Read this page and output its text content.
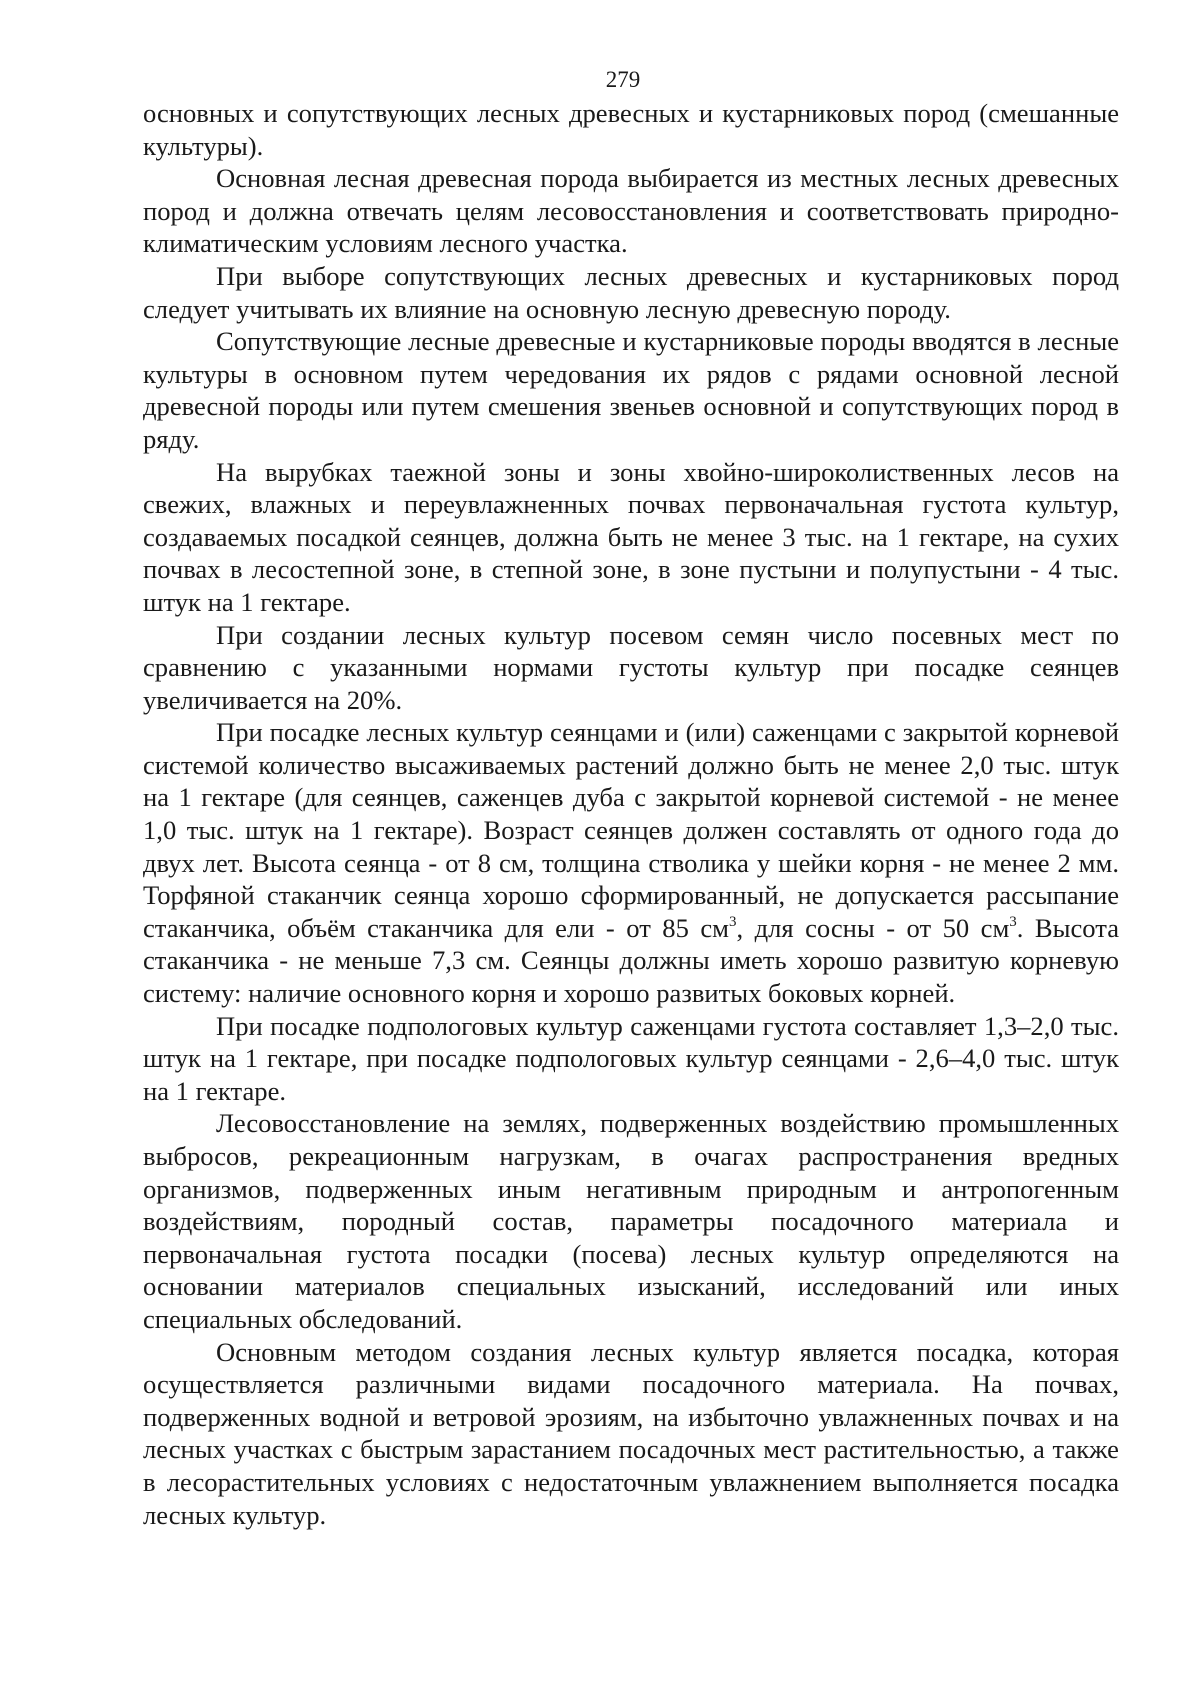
279

основных и сопутствующих лесных древесных и кустарниковых пород (смешанные культуры).

Основная лесная древесная порода выбирается из местных лесных древесных пород и должна отвечать целям лесовосстановления и соответствовать природно-климатическим условиям лесного участка.

При выборе сопутствующих лесных древесных и кустарниковых пород следует учитывать их влияние на основную лесную древесную породу.

Сопутствующие лесные древесные и кустарниковые породы вводятся в лесные культуры в основном путем чередования их рядов с рядами основной лесной древесной породы или путем смешения звеньев основной и сопутствующих пород в ряду.

На вырубках таежной зоны и зоны хвойно-широколиственных лесов на свежих, влажных и переувлажненных почвах первоначальная густота культур, создаваемых посадкой сеянцев, должна быть не менее 3 тыс. на 1 гектаре, на сухих почвах в лесостепной зоне, в степной зоне, в зоне пустыни и полупустыни - 4 тыс. штук на 1 гектаре.

При создании лесных культур посевом семян число посевных мест по сравнению с указанными нормами густоты культур при посадке сеянцев увеличивается на 20%.

При посадке лесных культур сеянцами и (или) саженцами с закрытой корневой системой количество высаживаемых растений должно быть не менее 2,0 тыс. штук на 1 гектаре (для сеянцев, саженцев дуба с закрытой корневой системой - не менее 1,0 тыс. штук на 1 гектаре). Возраст сеянцев должен составлять от одного года до двух лет. Высота сеянца - от 8 см, толщина стволика у шейки корня - не менее 2 мм. Торфяной стаканчик сеянца хорошо сформированный, не допускается рассыпание стаканчика, объём стаканчика для ели - от 85 $см^3$, для сосны - от 50 $см^3$. Высота стаканчика - не меньше 7,3 см. Сеянцы должны иметь хорошо развитую корневую систему: наличие основного корня и хорошо развитых боковых корней.

При посадке подпологовых культур саженцами густота составляет 1,3–2,0 тыс. штук на 1 гектаре, при посадке подпологовых культур сеянцами - 2,6–4,0 тыс. штук на 1 гектаре.

Лесовосстановление на землях, подверженных воздействию промышленных выбросов, рекреационным нагрузкам, в очагах распространения вредных организмов, подверженных иным негативным природным и антропогенным воздействиям, породный состав, параметры посадочного материала и первоначальная густота посадки (посева) лесных культур определяются на основании материалов специальных изысканий, исследований или иных специальных обследований.

Основным методом создания лесных культур является посадка, которая осуществляется различными видами посадочного материала. На почвах, подверженных водной и ветровой эрозиям, на избыточно увлажненных почвах и на лесных участках с быстрым зарастанием посадочных мест растительностью, а также в лесорастительных условиях с недостаточным увлажнением выполняется посадка лесных культур.
